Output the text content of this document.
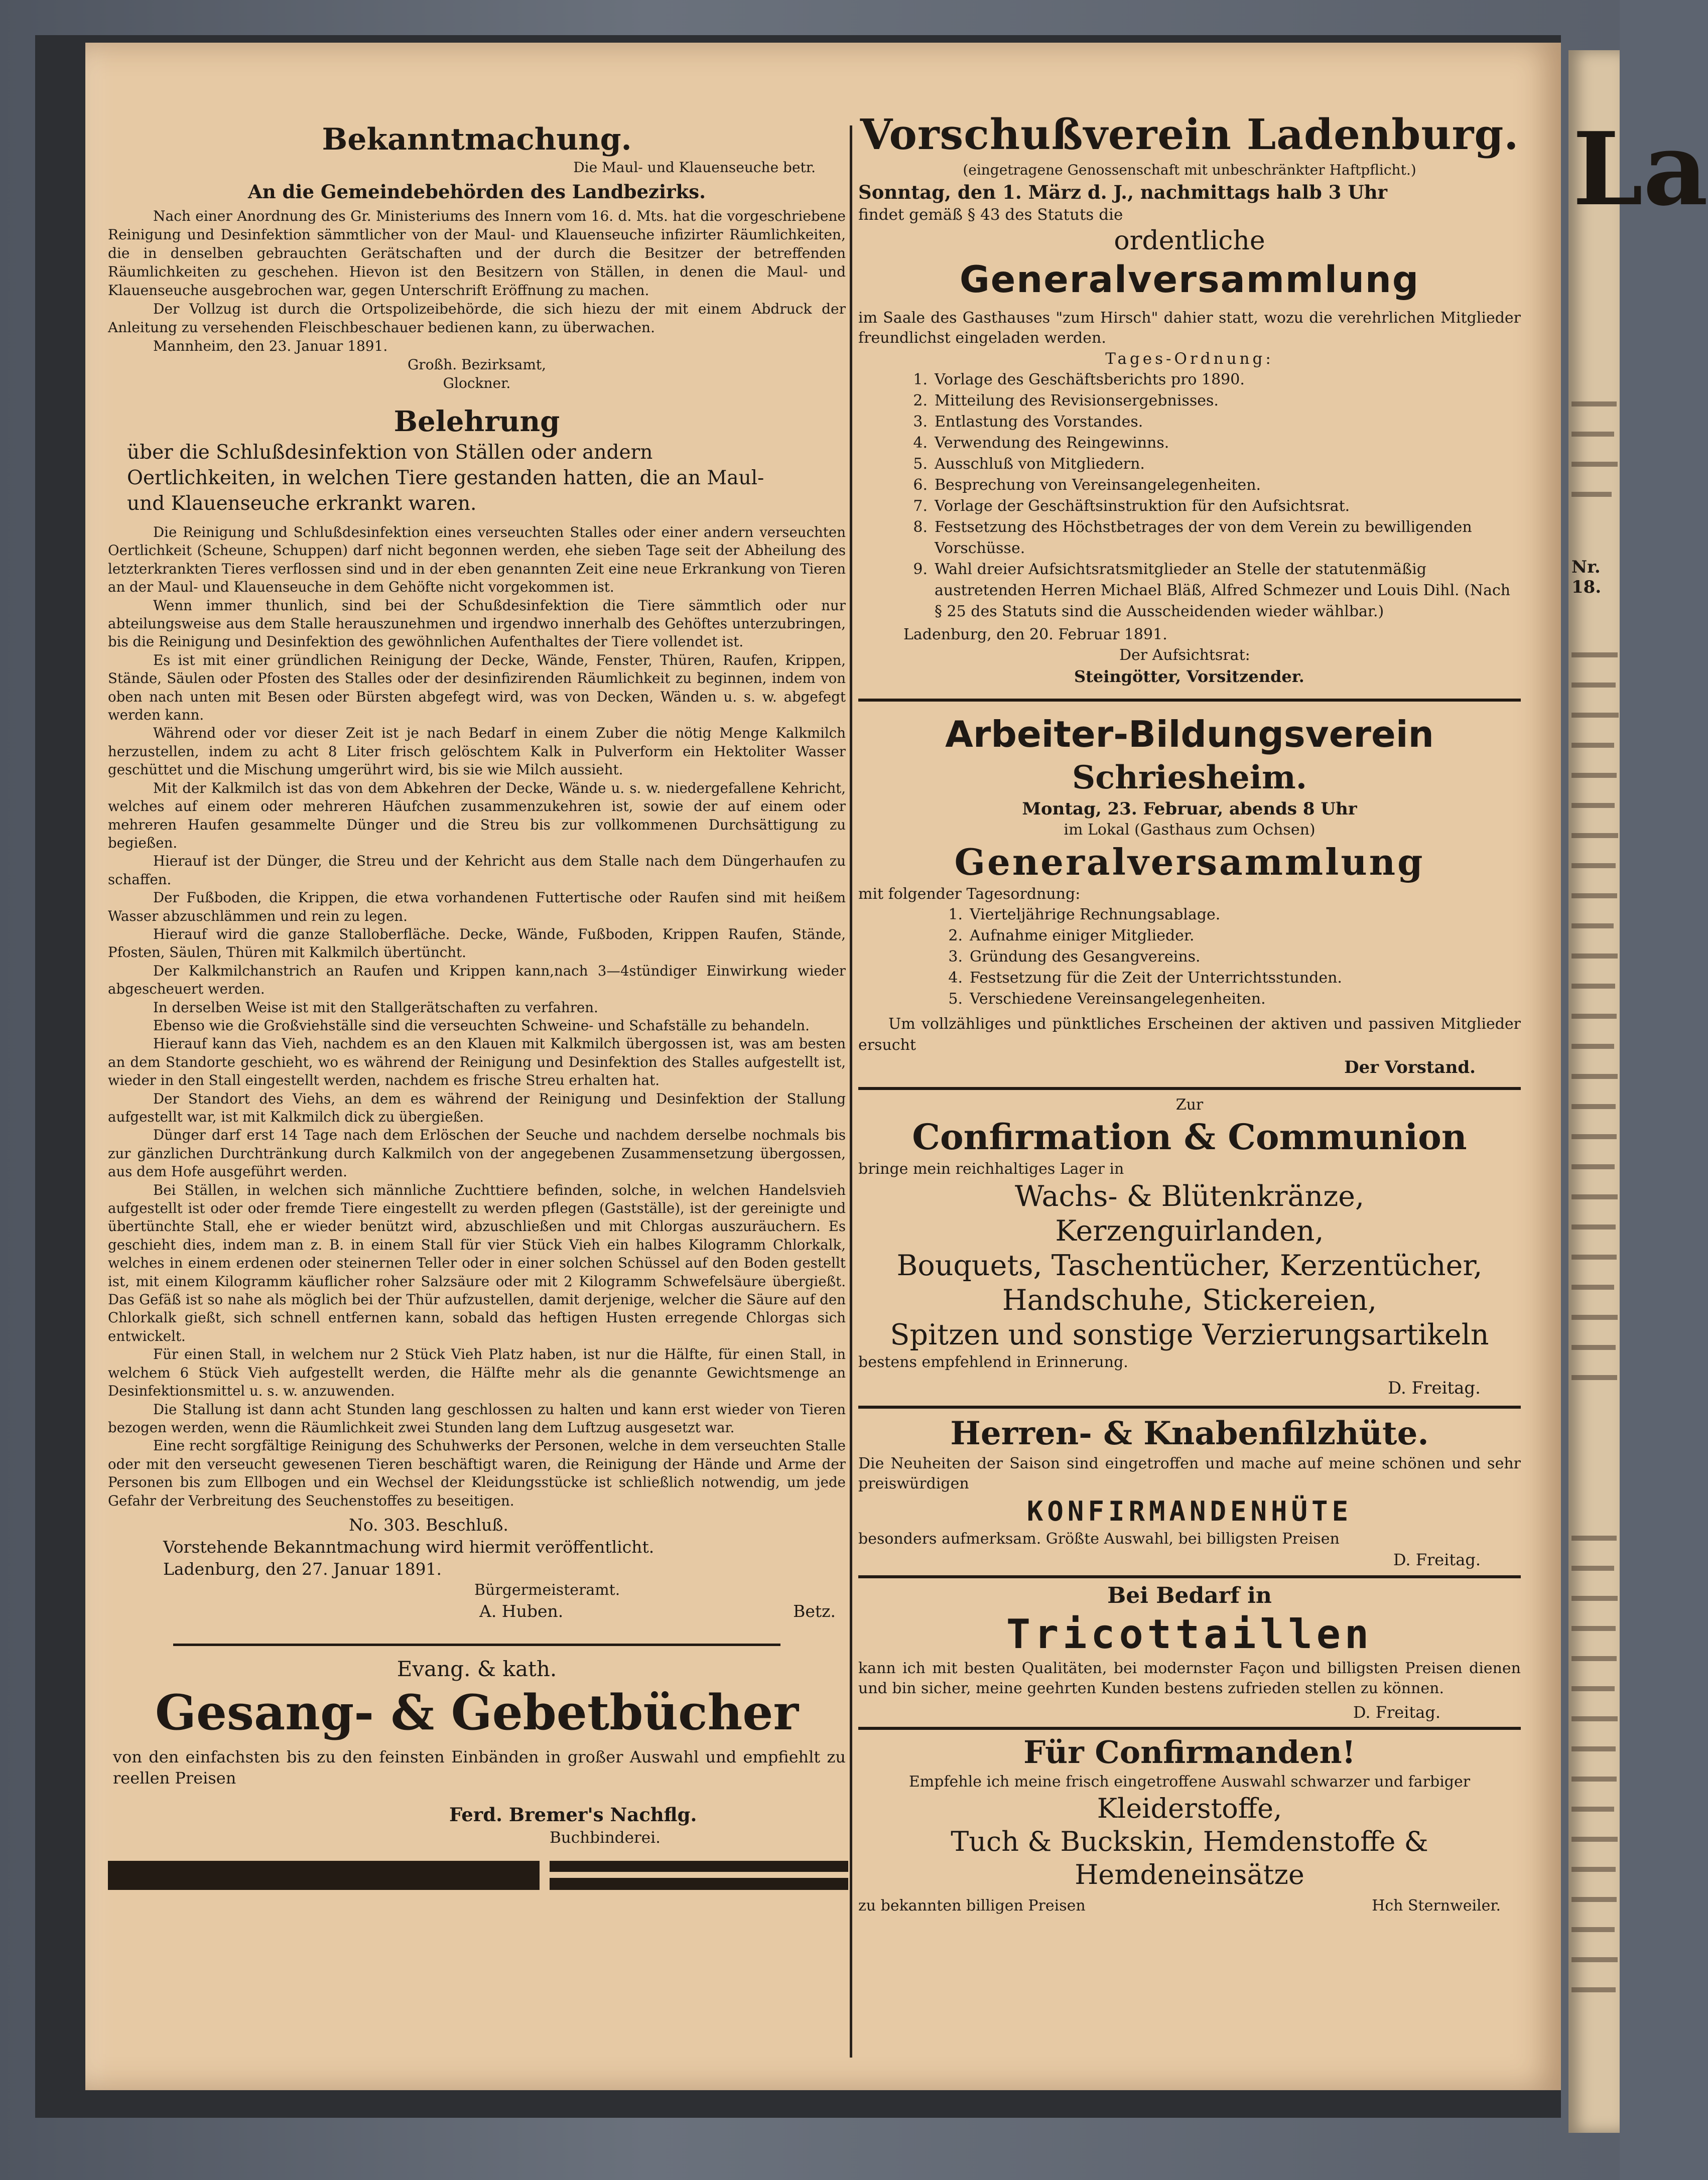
La
Nr. 18.
Bekanntmachung.
Die Maul- und Klauenseuche betr.
An die Gemeindebehörden des Landbezirks.

Nach einer Anordnung des Gr. Ministeriums des Innern vom 16. d. Mts. hat die vorgeschriebene Reinigung und Desinfektion sämmtlicher von der Maul- und Klauenseuche infizirter Räumlichkeiten, die in denselben gebrauchten Gerätschaften und der durch die Besitzer der betreffenden Räumlichkeiten zu geschehen. Hievon ist den Besitzern von Ställen, in denen die Maul- und Klauenseuche ausgebrochen war, gegen Unterschrift Eröffnung zu machen.

Der Vollzug ist durch die Ortspolizeibehörde, die sich hiezu der mit einem Abdruck der Anleitung zu versehenden Fleischbeschauer bedienen kann, zu überwachen.

Mannheim, den 23. Januar 1891.
Großh. Bezirksamt,
Glockner.
Belehrung
über die Schlußdesinfektion von Ställen oder andern Oertlichkeiten, in welchen Tiere gestanden hatten, die an Maul- und Klauenseuche erkrankt waren.

Die Reinigung und Schlußdesinfektion eines verseuchten Stalles oder einer andern verseuchten Oertlichkeit (Scheune, Schuppen) darf nicht begonnen werden, ehe sieben Tage seit der Abheilung des letzterkrankten Tieres verflossen sind und in der eben genannten Zeit eine neue Erkrankung von Tieren an der Maul- und Klauenseuche in dem Gehöfte nicht vorgekommen ist.

Wenn immer thunlich, sind bei der Schußdesinfektion die Tiere sämmtlich oder nur abteilungsweise aus dem Stalle herauszunehmen und irgendwo innerhalb des Gehöftes unterzubringen, bis die Reinigung und Desinfektion des gewöhnlichen Aufenthaltes der Tiere vollendet ist.

Es ist mit einer gründlichen Reinigung der Decke, Wände, Fenster, Thüren, Raufen, Krippen, Stände, Säulen oder Pfosten des Stalles oder der desinfizirenden Räumlichkeit zu beginnen, indem von oben nach unten mit Besen oder Bürsten abgefegt wird, was von Decken, Wänden u. s. w. abgefegt werden kann.

Während oder vor dieser Zeit ist je nach Bedarf in einem Zuber die nötig Menge Kalkmilch herzustellen, indem zu acht 8 Liter frisch gelöschtem Kalk in Pulverform ein Hektoliter Wasser geschüttet und die Mischung umgerührt wird, bis sie wie Milch aussieht.

Mit der Kalkmilch ist das von dem Abkehren der Decke, Wände u. s. w. niedergefallene Kehricht, welches auf einem oder mehreren Häufchen zusammenzukehren ist, sowie der auf einem oder mehreren Haufen gesammelte Dünger und die Streu bis zur vollkommenen Durchsättigung zu begießen.

Hierauf ist der Dünger, die Streu und der Kehricht aus dem Stalle nach dem Düngerhaufen zu schaffen.

Der Fußboden, die Krippen, die etwa vorhandenen Futtertische oder Raufen sind mit heißem Wasser abzuschlämmen und rein zu legen.

Hierauf wird die ganze Stalloberfläche. Decke, Wände, Fußboden, Krippen Raufen, Stände, Pfosten, Säulen, Thüren mit Kalkmilch übertüncht.

Der Kalkmilchanstrich an Raufen und Krippen kann,nach 3—4stündiger Einwirkung wieder abgescheuert werden.

In derselben Weise ist mit den Stallgerätschaften zu verfahren.

Ebenso wie die Großviehställe sind die verseuchten Schweine- und Schafställe zu behandeln.

Hierauf kann das Vieh, nachdem es an den Klauen mit Kalkmilch übergossen ist, was am besten an dem Standorte geschieht, wo es während der Reinigung und Desinfektion des Stalles aufgestellt ist, wieder in den Stall eingestellt werden, nachdem es frische Streu erhalten hat.

Der Standort des Viehs, an dem es während der Reinigung und Desinfektion der Stallung aufgestellt war, ist mit Kalkmilch dick zu übergießen.

Dünger darf erst 14 Tage nach dem Erlöschen der Seuche und nachdem derselbe nochmals bis zur gänzlichen Durchtränkung durch Kalkmilch von der angegebenen Zusammensetzung übergossen, aus dem Hofe ausgeführt werden.

Bei Ställen, in welchen sich männliche Zuchttiere befinden, solche, in welchen Handelsvieh aufgestellt ist oder oder fremde Tiere eingestellt zu werden pflegen (Gastställe), ist der gereinigte und übertünchte Stall, ehe er wieder benützt wird, abzuschließen und mit Chlorgas auszuräuchern. Es geschieht dies, indem man z. B. in einem Stall für vier Stück Vieh ein halbes Kilogramm Chlorkalk, welches in einem erdenen oder steinernen Teller oder in einer solchen Schüssel auf den Boden gestellt ist, mit einem Kilogramm käuflicher roher Salzsäure oder mit 2 Kilogramm Schwefelsäure übergießt. Das Gefäß ist so nahe als möglich bei der Thür aufzustellen, damit derjenige, welcher die Säure auf den Chlorkalk gießt, sich schnell entfernen kann, sobald das heftigen Husten erregende Chlorgas sich entwickelt.

Für einen Stall, in welchem nur 2 Stück Vieh Platz haben, ist nur die Hälfte, für einen Stall, in welchem 6 Stück Vieh aufgestellt werden, die Hälfte mehr als die genannte Gewichtsmenge an Desinfektionsmittel u. s. w. anzuwenden.

Die Stallung ist dann acht Stunden lang geschlossen zu halten und kann erst wieder von Tieren bezogen werden, wenn die Räumlichkeit zwei Stunden lang dem Luftzug ausgesetzt war.

Eine recht sorgfältige Reinigung des Schuhwerks der Personen, welche in dem verseuchten Stalle oder mit den verseucht gewesenen Tieren beschäftigt waren, die Reinigung der Hände und Arme der Personen bis zum Ellbogen und ein Wechsel der Kleidungsstücke ist schließlich notwendig, um jede Gefahr der Verbreitung des Seuchenstoffes zu beseitigen.

No. 303. Beschluß.
Vorstehende Bekanntmachung wird hiermit veröffentlicht.
Ladenburg, den 27. Januar 1891.
Bürgermeisteramt.
A. Huben.	Betz.
Evang. & kath.
Gesang- & Gebetbücher
von den einfachsten bis zu den feinsten Einbänden in großer Auswahl und empfiehlt zu reellen Preisen
Ferd. Bremer's Nachflg.
Buchbinderei.
Vorschußverein Ladenburg.
(eingetragene Genossenschaft mit unbeschränkter Haftpflicht.)
Sonntag, den 1. März d. J., nachmittags halb 3 Uhr
findet gemäß § 43 des Statuts die
ordentliche
Generalversammlung
im Saale des Gasthauses "zum Hirsch" dahier statt, wozu die verehrlichen Mitglieder freundlichst eingeladen werden.
Tages-Ordnung:
1. Vorlage des Geschäftsberichts pro 1890.
2. Mitteilung des Revisionsergebnisses.
3. Entlastung des Vorstandes.
4. Verwendung des Reingewinns.
5. Ausschluß von Mitgliedern.
6. Besprechung von Vereinsangelegenheiten.
7. Vorlage der Geschäftsinstruktion für den Aufsichtsrat.
8. Festsetzung des Höchstbetrages der von dem Verein zu bewilligenden Vorschüsse.
9. Wahl dreier Aufsichtsratsmitglieder an Stelle der statutenmäßig austretenden Herren Michael Bläß, Alfred Schmezer und Louis Dihl. (Nach § 25 des Statuts sind die Ausscheidenden wieder wählbar.)
Ladenburg, den 20. Februar 1891.
Der Aufsichtsrat:
Steingötter, Vorsitzender.
Arbeiter-Bildungsverein
Schriesheim.
Montag, 23. Februar, abends 8 Uhr
im Lokal (Gasthaus zum Ochsen)
Generalversammlung
mit folgender Tagesordnung:
1. Vierteljährige Rechnungsablage.
2. Aufnahme einiger Mitglieder.
3. Gründung des Gesangvereins.
4. Festsetzung für die Zeit der Unterrichtsstunden.
5. Verschiedene Vereinsangelegenheiten.
Um vollzähliges und pünktliches Erscheinen der aktiven und passiven Mitglieder ersucht
Der Vorstand.
Zur
Confirmation & Communion
bringe mein reichhaltiges Lager in
Wachs- & Blütenkränze,
Kerzenguirlanden,
Bouquets, Taschentücher, Kerzentücher,
Handschuhe, Stickereien,
Spitzen und sonstige Verzierungsartikeln
bestens empfehlend in Erinnerung.
D. Freitag.
Herren- & Knabenfilzhüte.
Die Neuheiten der Saison sind eingetroffen und mache auf meine schönen und sehr preiswürdigen
KONFIRMANDENHÜTE
besonders aufmerksam. Größte Auswahl, bei billigsten Preisen
D. Freitag.
Bei Bedarf in
Tricottaillen
kann ich mit besten Qualitäten, bei modernster Façon und billigsten Preisen dienen und bin sicher, meine geehrten Kunden bestens zufrieden stellen zu können.
D. Freitag.
Für Confirmanden!
Empfehle ich meine frisch eingetroffene Auswahl schwarzer und farbiger
Kleiderstoffe,
Tuch & Buckskin, Hemdenstoffe &
Hemdeneinsätze
zu bekannten billigen Preisen	Hch Sternweiler.
